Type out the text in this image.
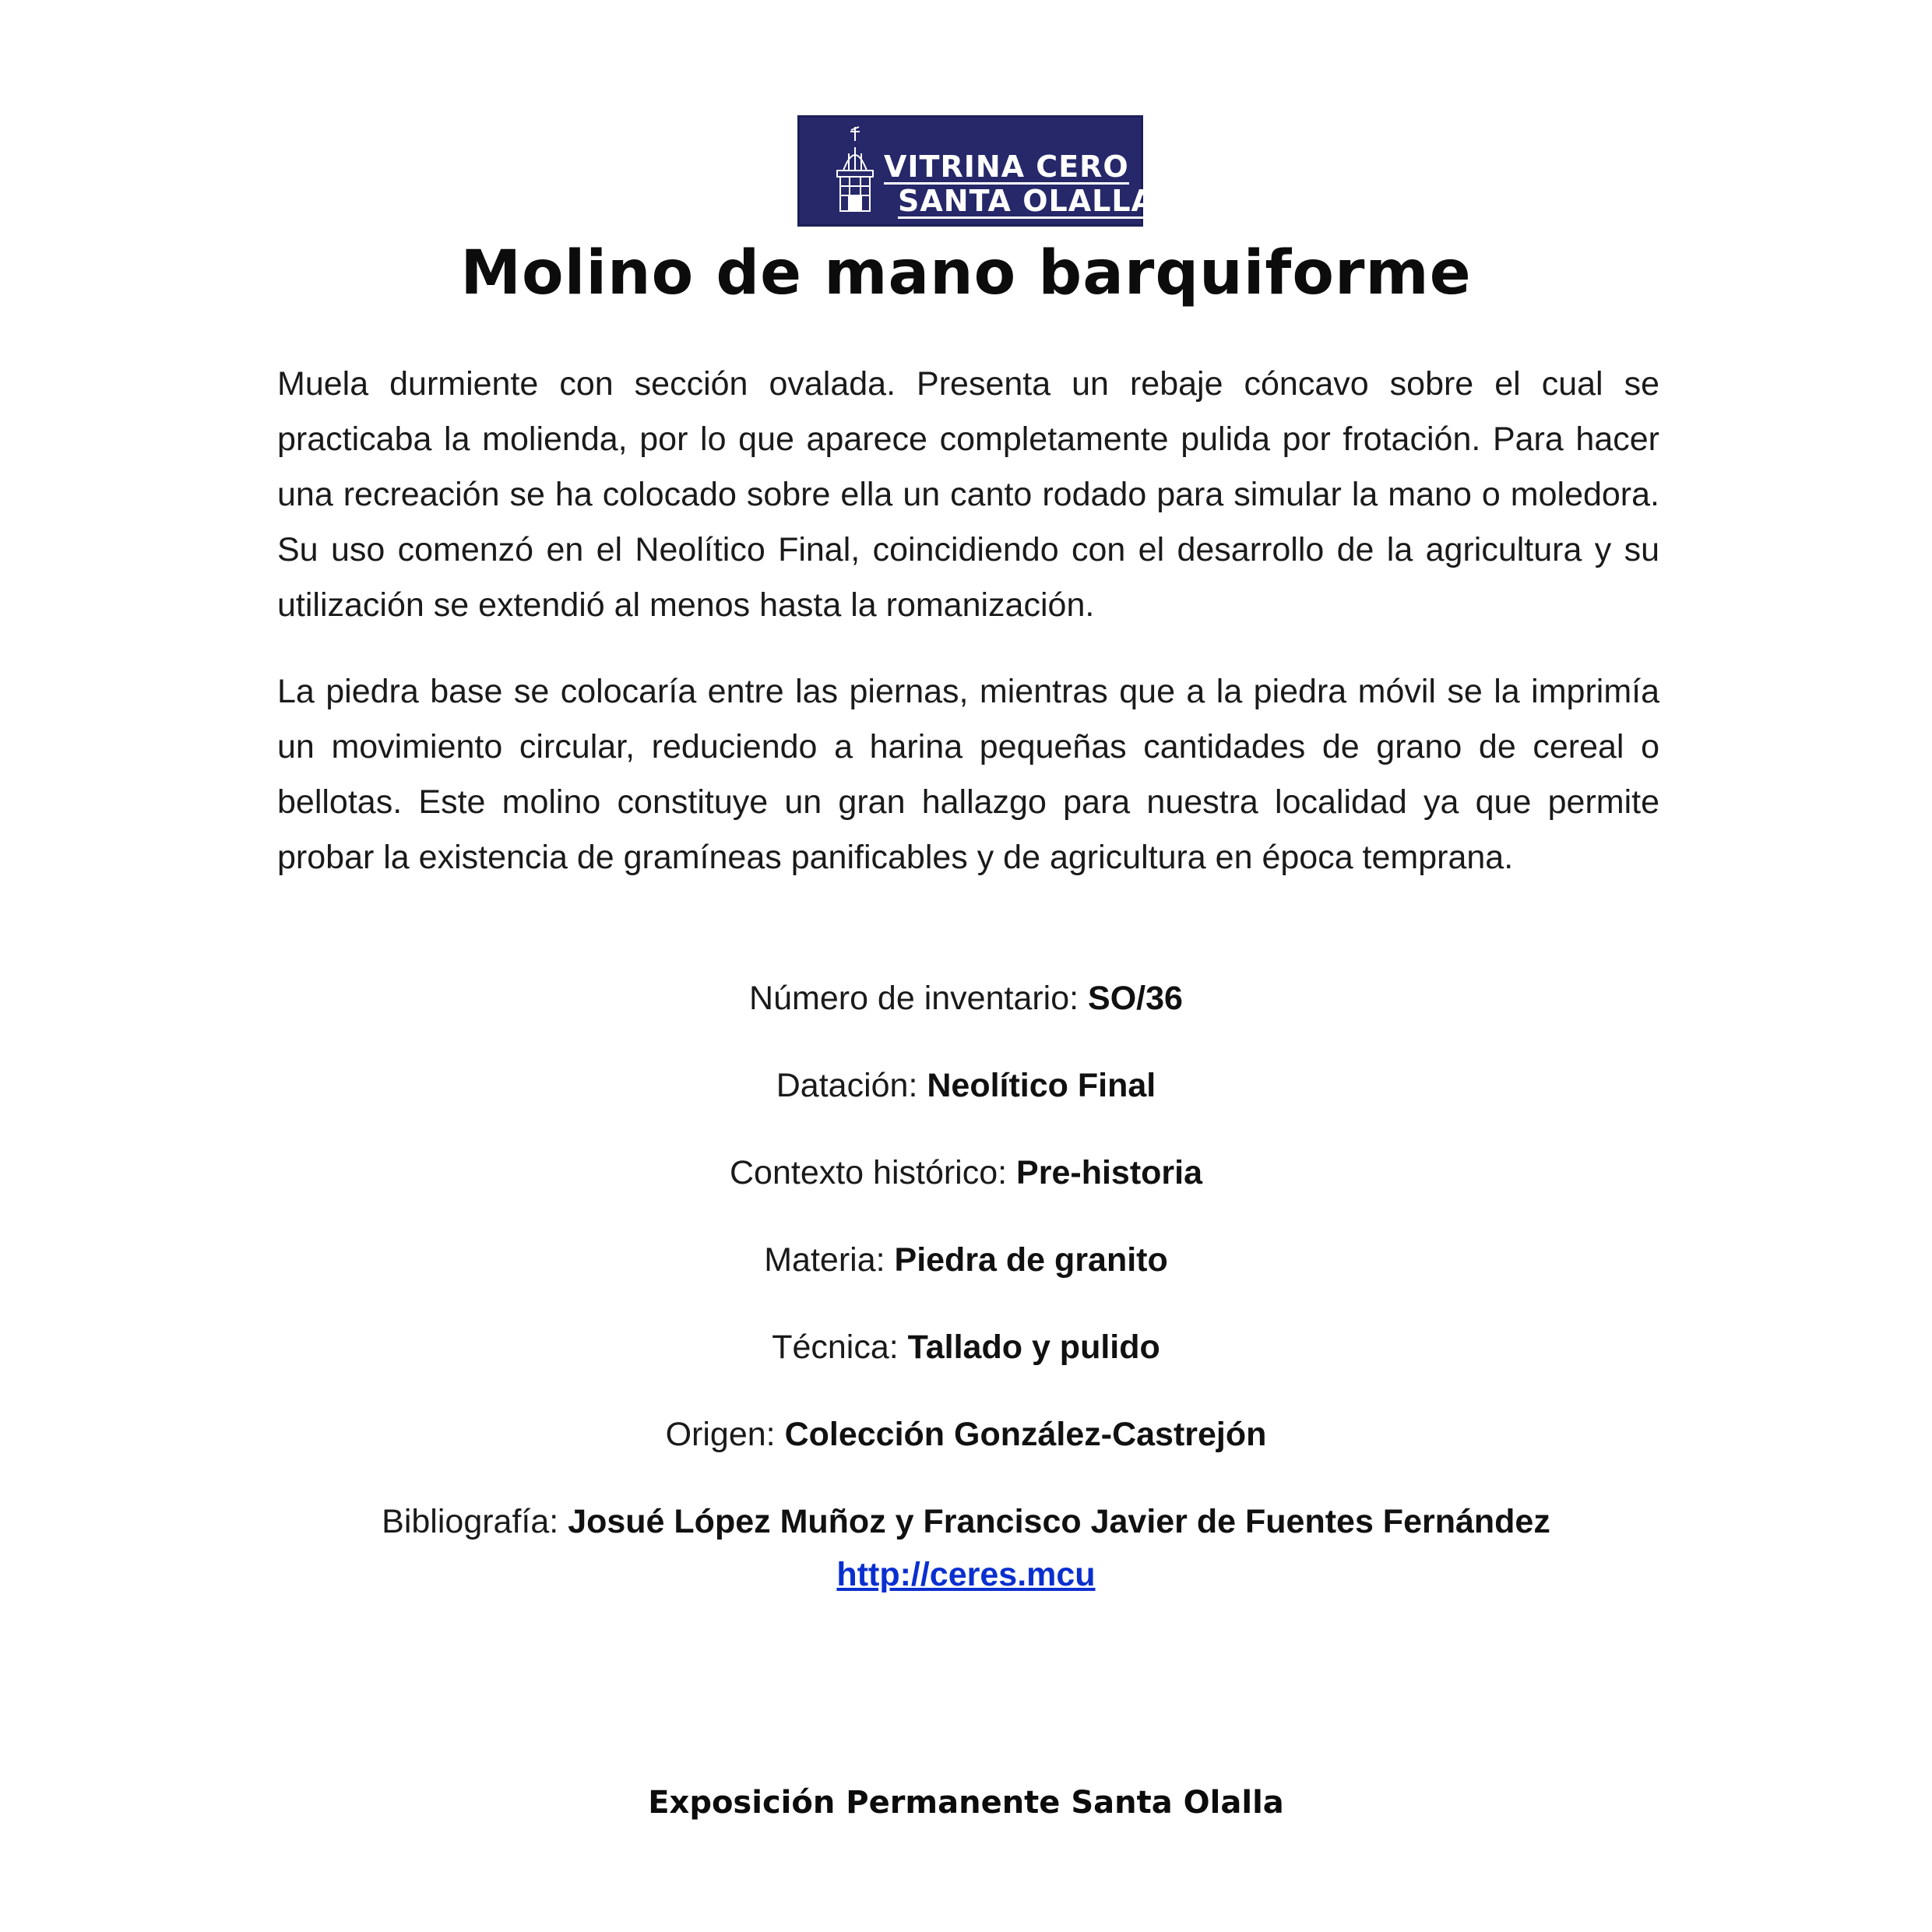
VITRINA CERO
SANTA OLALLA
Molino de mano barquiforme

Muela durmiente con sección ovalada. Presenta un rebaje cóncavo sobre el cual se practicaba la molienda, por lo que aparece completamente pulida por frotación. Para hacer una recreación se ha colocado sobre ella un canto rodado para simular la mano o moledora. Su uso comenzó en el Neolítico Final, coincidiendo con el desarrollo de la agricultura y su utilización se extendió al menos hasta la romanización.

La piedra base se colocaría entre las piernas, mientras que a la piedra móvil se la imprimía un movimiento circular, reduciendo a harina pequeñas cantidades de grano de cereal o bellotas. Este molino constituye un gran hallazgo para nuestra localidad ya que permite probar la existencia de gramíneas panificables y de agricultura en época temprana.

Número de inventario: SO/36
Datación: Neolítico Final
Contexto histórico: Pre-historia
Materia: Piedra de granito
Técnica: Tallado y pulido
Origen: Colección González-Castrejón
Bibliografía: Josué López Muñoz y Francisco Javier de Fuentes Fernández
http://ceres.mcu
Exposición Permanente Santa Olalla
